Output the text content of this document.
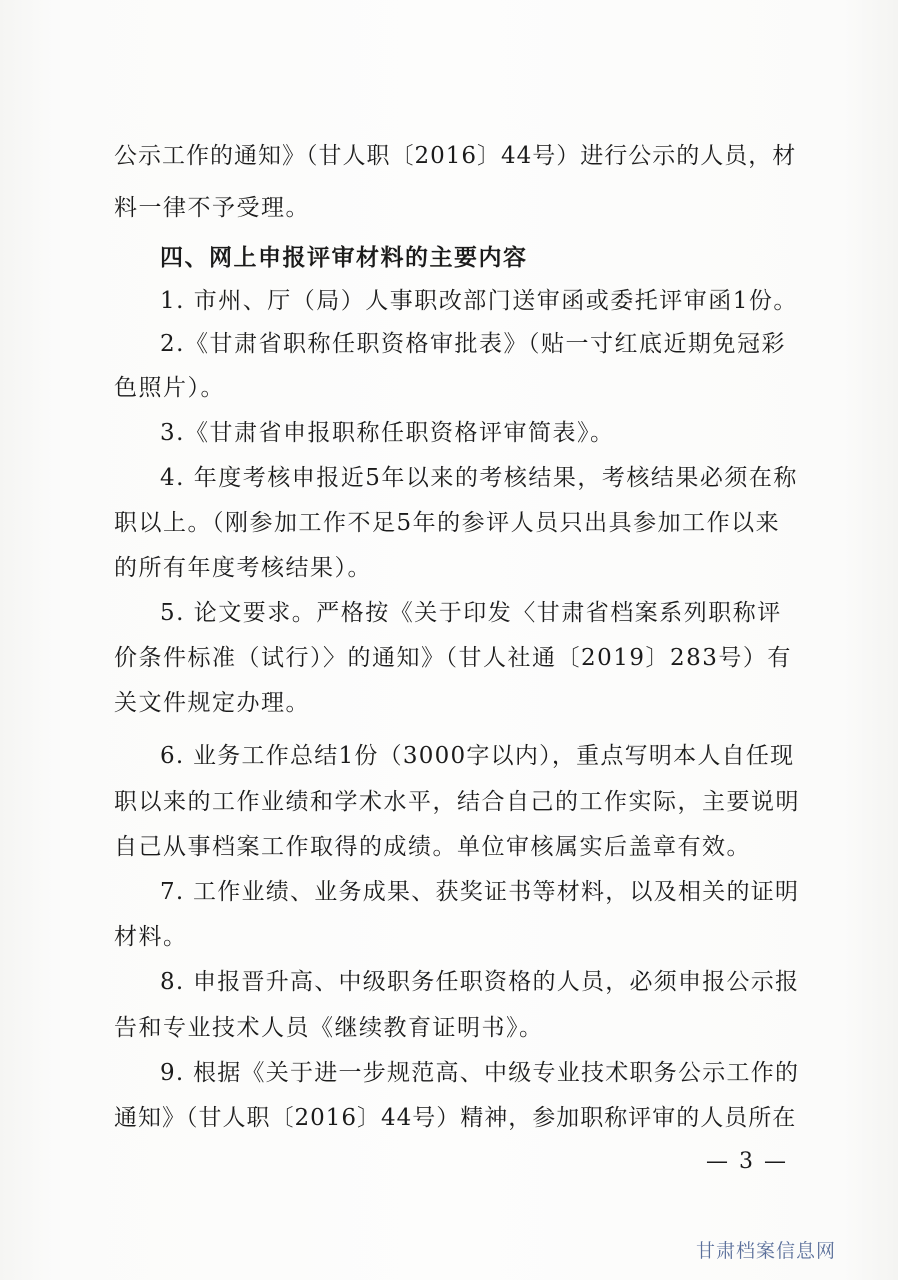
公示工作的通知》（甘人职〔2016〕44号）进行公示的人员，材
料一律不予受理。
四、网上申报评审材料的主要内容
1. 市州、厅（局）人事职改部门送审函或委托评审函1份。
2.《甘肃省职称任职资格审批表》（贴一寸红底近期免冠彩
色照片）。
3.《甘肃省申报职称任职资格评审简表》。
4. 年度考核申报近5年以来的考核结果，考核结果必须在称
职以上。（刚参加工作不足5年的参评人员只出具参加工作以来
的所有年度考核结果）。
5. 论文要求。严格按《关于印发〈甘肃省档案系列职称评
价条件标准（试行）〉的通知》（甘人社通〔2019〕283号）有
关文件规定办理。
6. 业务工作总结1份（3000字以内），重点写明本人自任现
职以来的工作业绩和学术水平，结合自己的工作实际，主要说明
自己从事档案工作取得的成绩。单位审核属实后盖章有效。
7. 工作业绩、业务成果、获奖证书等材料，以及相关的证明
材料。
8. 申报晋升高、中级职务任职资格的人员，必须申报公示报
告和专业技术人员《继续教育证明书》。
9. 根据《关于进一步规范高、中级专业技术职务公示工作的
通知》（甘人职〔2016〕44号）精神，参加职称评审的人员所在
— 3 —
甘肃档案信息网
